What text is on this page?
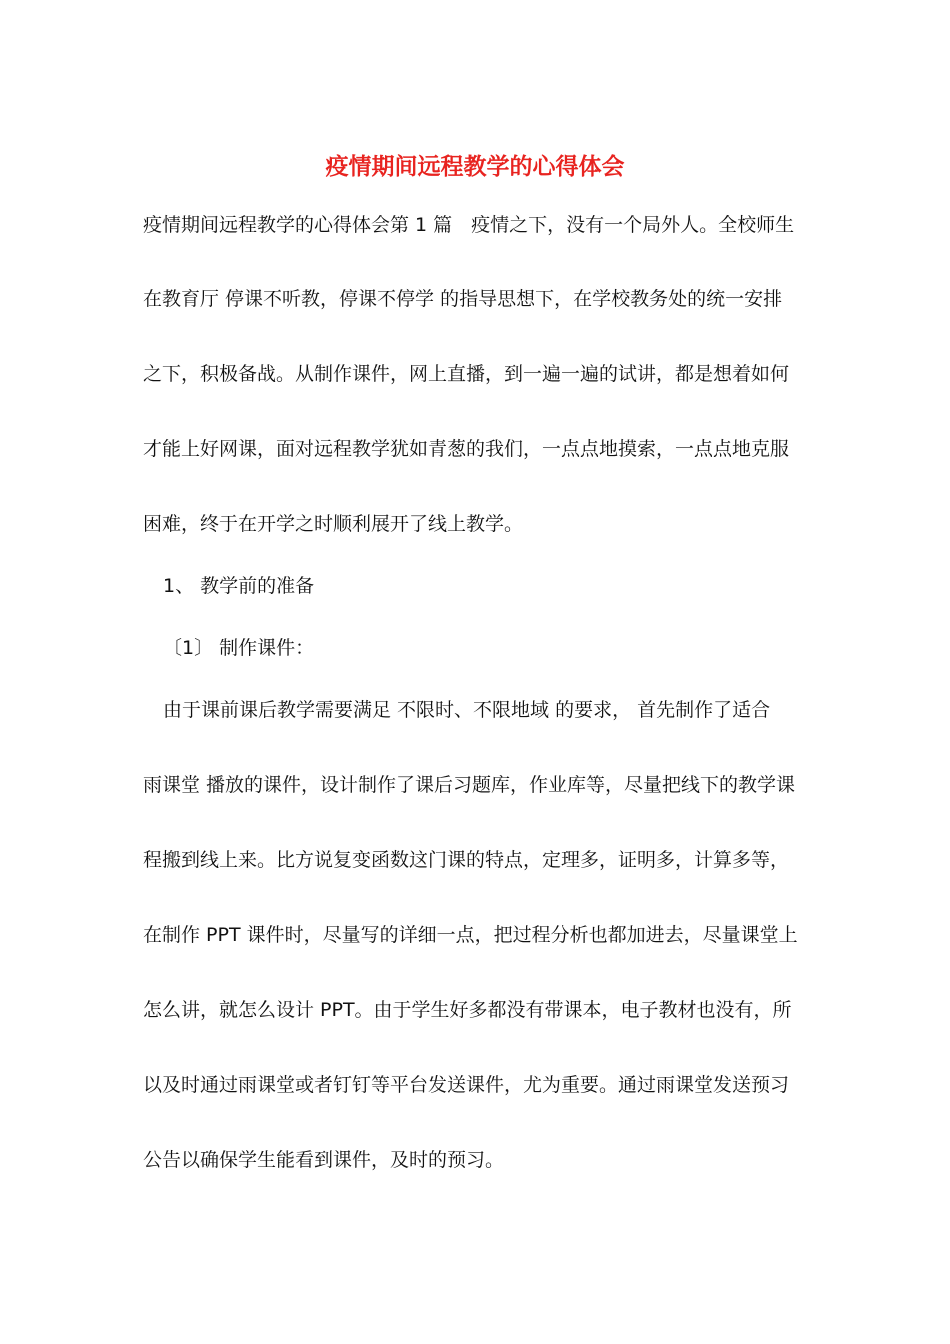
疫情期间远程教学的心得体会
疫情期间远程教学的心得体会第 1 篇　疫情之下，没有一个局外人。全校师生
在教育厅 停课不听教，停课不停学 的指导思想下，在学校教务处的统一安排
之下，积极备战。从制作课件，网上直播，到一遍一遍的试讲，都是想着如何
才能上好网课，面对远程教学犹如青葱的我们，一点点地摸索，一点点地克服
困难，终于在开学之时顺利展开了线上教学。
1、 教学前的准备
〔1〕 制作课件：
由于课前课后教学需要满足 不限时、不限地域 的要求， 首先制作了适合
雨课堂 播放的课件，设计制作了课后习题库，作业库等，尽量把线下的教学课
程搬到线上来。比方说复变函数这门课的特点，定理多，证明多，计算多等，
在制作 PPT 课件时，尽量写的详细一点，把过程分析也都加进去，尽量课堂上
怎么讲，就怎么设计 PPT。由于学生好多都没有带课本，电子教材也没有，所
以及时通过雨课堂或者钉钉等平台发送课件，尤为重要。通过雨课堂发送预习
公告以确保学生能看到课件，及时的预习。
